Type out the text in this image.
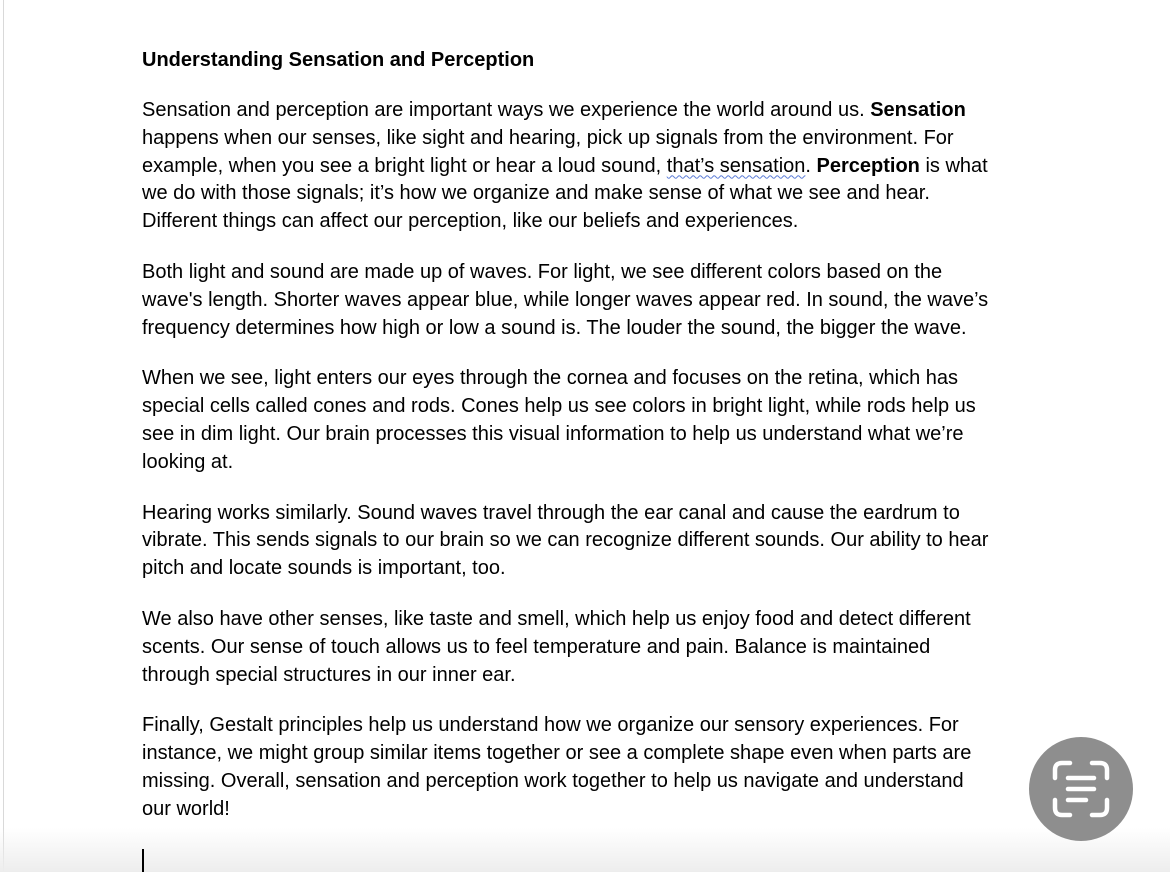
Understanding Sensation and Perception
Sensation and perception are important ways we experience the world around us. Sensation
happens when our senses, like sight and hearing, pick up signals from the environment. For
example, when you see a bright light or hear a loud sound, that’s sensation. Perception is what
we do with those signals; it’s how we organize and make sense of what we see and hear.
Different things can affect our perception, like our beliefs and experiences.
Both light and sound are made up of waves. For light, we see different colors based on the
wave's length. Shorter waves appear blue, while longer waves appear red. In sound, the wave’s
frequency determines how high or low a sound is. The louder the sound, the bigger the wave.
When we see, light enters our eyes through the cornea and focuses on the retina, which has
special cells called cones and rods. Cones help us see colors in bright light, while rods help us
see in dim light. Our brain processes this visual information to help us understand what we’re
looking at.
Hearing works similarly. Sound waves travel through the ear canal and cause the eardrum to
vibrate. This sends signals to our brain so we can recognize different sounds. Our ability to hear
pitch and locate sounds is important, too.
We also have other senses, like taste and smell, which help us enjoy food and detect different
scents. Our sense of touch allows us to feel temperature and pain. Balance is maintained
through special structures in our inner ear.
Finally, Gestalt principles help us understand how we organize our sensory experiences. For
instance, we might group similar items together or see a complete shape even when parts are
missing. Overall, sensation and perception work together to help us navigate and understand
our world!
